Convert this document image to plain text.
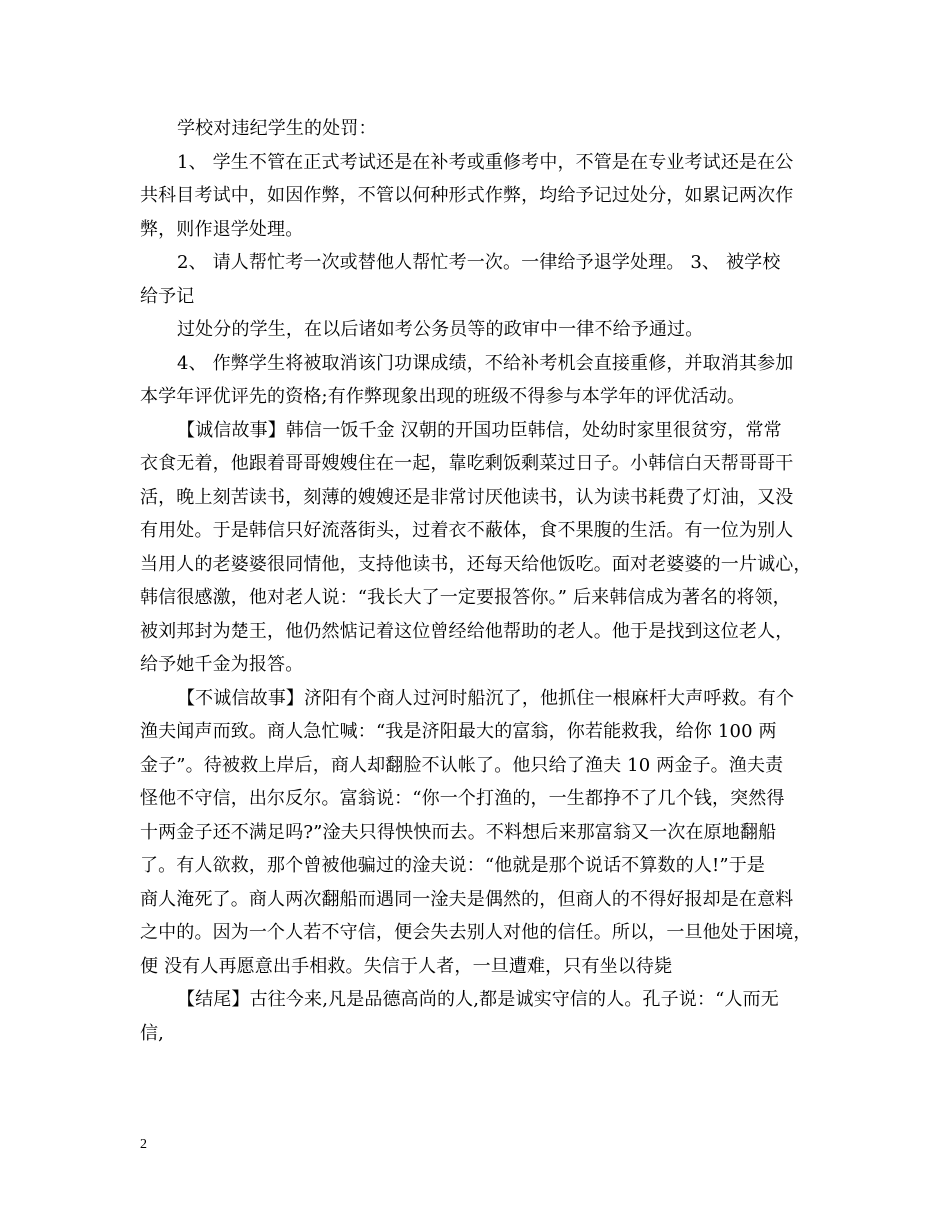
学校对违纪学生的处罚：
1、 学生不管在正式考试还是在补考或重修考中，不管是在专业考试还是在公
共科目考试中，如因作弊，不管以何种形式作弊，均给予记过处分，如累记两次作
弊，则作退学处理。
2、 请人帮忙考一次或替他人帮忙考一次。一律给予退学处理。 3、 被学校
给予记
过处分的学生，在以后诸如考公务员等的政审中一律不给予通过。
4、 作弊学生将被取消该门功课成绩，不给补考机会直接重修，并取消其参加
本学年评优评先的资格;有作弊现象出现的班级不得参与本学年的评优活动。
【诚信故事】韩信一饭千金 汉朝的开国功臣韩信，处幼时家里很贫穷，常常
衣食无着，他跟着哥哥嫂嫂住在一起，靠吃剩饭剩菜过日子。小韩信白天帮哥哥干
活，晚上刻苦读书，刻薄的嫂嫂还是非常讨厌他读书，认为读书耗费了灯油，又没
有用处。于是韩信只好流落街头，过着衣不蔽体，食不果腹的生活。有一位为别人
当用人的老婆婆很同情他，支持他读书，还每天给他饭吃。面对老婆婆的一片诚心，
韩信很感激，他对老人说：“我长大了一定要报答你。” 后来韩信成为著名的将领，
被刘邦封为楚王，他仍然惦记着这位曾经给他帮助的老人。他于是找到这位老人，
给予她千金为报答。
【不诚信故事】济阳有个商人过河时船沉了，他抓住一根麻杆大声呼救。有个
渔夫闻声而致。商人急忙喊：“我是济阳最大的富翁，你若能救我，给你 100 两
金子”。待被救上岸后，商人却翻脸不认帐了。他只给了渔夫 10 两金子。渔夫责
怪他不守信，出尔反尔。富翁说：“你一个打渔的，一生都挣不了几个钱，突然得
十两金子还不满足吗?”淦夫只得怏怏而去。不料想后来那富翁又一次在原地翻船
了。有人欲救，那个曾被他骗过的淦夫说：“他就是那个说话不算数的人!”于是
商人淹死了。商人两次翻船而遇同一淦夫是偶然的，但商人的不得好报却是在意料
之中的。因为一个人若不守信，便会失去别人对他的信任。所以，一旦他处于困境，
便 没有人再愿意出手相救。失信于人者，一旦遭难，只有坐以待毙
【结尾】古往今来,凡是品德高尚的人,都是诚实守信的人。孔子说：“人而无
信,
2
